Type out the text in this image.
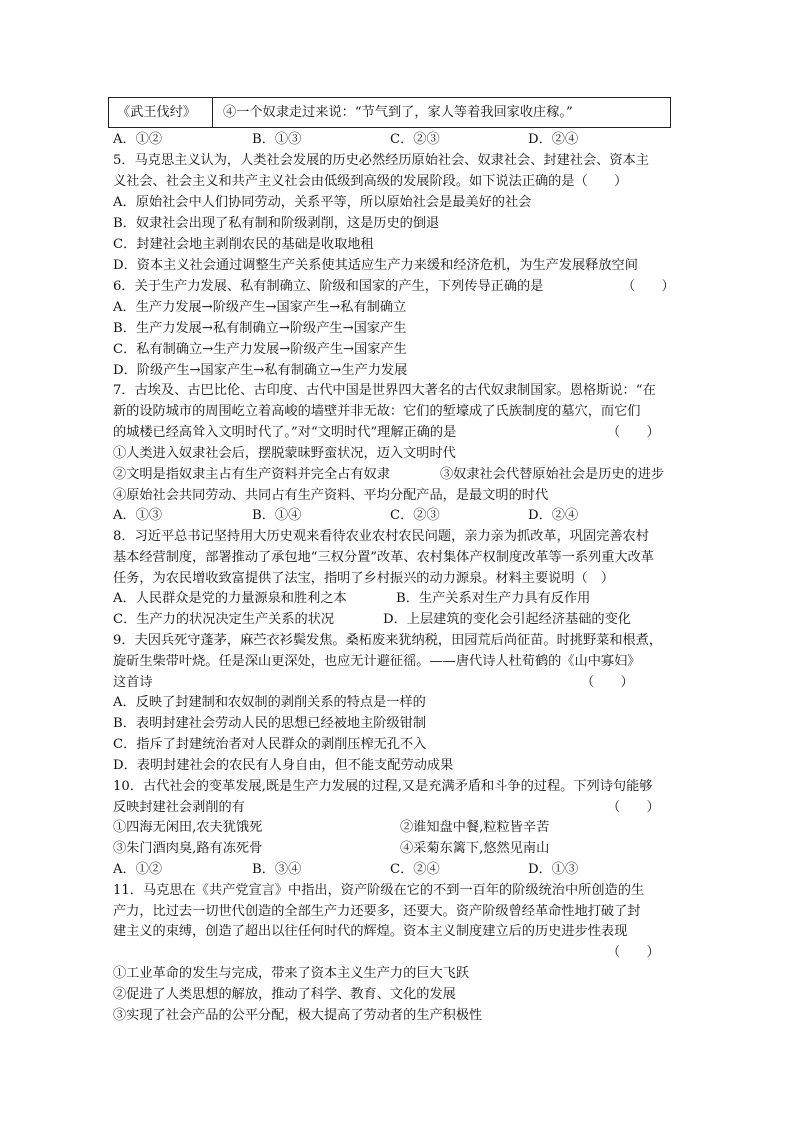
《武王伐纣》	④一个奴隶走过来说：“节气到了，家人等着我回家收庄稼。”
A．①②	B．①③	C．②③	D．②④
5．马克思主义认为，人类社会发展的历史必然经历原始社会、奴隶社会、封建社会、资本主
义社会、社会主义和共产主义社会由低级到高级的发展阶段。如下说法正确的是（　　）
A．原始社会中人们协同劳动，关系平等，所以原始社会是最美好的社会
B．奴隶社会出现了私有制和阶级剥削，这是历史的倒退
C．封建社会地主剥削农民的基础是收取地租
D．资本主义社会通过调整生产关系使其适应生产力来缓和经济危机，为生产发展释放空间
6．关于生产力发展、私有制确立、阶级和国家的产生，下列传导正确的是	（　　）
A．生产力发展→阶级产生→国家产生→私有制确立
B．生产力发展→私有制确立→阶级产生→国家产生
C．私有制确立→生产力发展→阶级产生→国家产生
D．阶级产生→国家产生→私有制确立→生产力发展
7．古埃及、古巴比伦、古印度、古代中国是世界四大著名的古代奴隶制国家。恩格斯说：“在
新的设防城市的周围屹立着高峻的墙壁并非无故：它们的堑壕成了氏族制度的墓穴，而它们
的城楼已经高耸入文明时代了。”对“文明时代”理解正确的是	（　　）
①人类进入奴隶社会后，摆脱蒙昧野蛮状况，迈入文明时代
②文明是指奴隶主占有生产资料并完全占有奴隶	③奴隶社会代替原始社会是历史的进步
④原始社会共同劳动、共同占有生产资料、平均分配产品，是最文明的时代
A．①③	B．①④	C．②③	D．②④
8．习近平总书记坚持用大历史观来看待农业农村农民问题，亲力亲为抓改革，巩固完善农村
基本经营制度，部署推动了承包地“三权分置”改革、农村集体产权制度改革等一系列重大改革
任务，为农民增收致富提供了法宝，指明了乡村振兴的动力源泉。材料主要说明（　）
A．人民群众是党的力量源泉和胜利之本	B．生产关系对生产力具有反作用
C．生产力的状况决定生产关系的状况	D．上层建筑的变化会引起经济基础的变化
9．夫因兵死守蓬茅，麻苎衣衫鬓发焦。桑柘废来犹纳税，田园荒后尚征苗。时挑野菜和根煮，
旋斫生柴带叶烧。任是深山更深处，也应无计避征徭。——唐代诗人杜荀鹤的《山中寡妇》
这首诗	（　　）
A．反映了封建制和农奴制的剥削关系的特点是一样的
B．表明封建社会劳动人民的思想已经被地主阶级钳制
C．指斥了封建统治者对人民群众的剥削压榨无孔不入
D．表明封建社会的农民有人身自由，但不能支配劳动成果
10．古代社会的变革发展,既是生产力发展的过程,又是充满矛盾和斗争的过程。下列诗句能够
反映封建社会剥削的有	（　　）
①四海无闲田,农夫犹饿死	②谁知盘中餐,粒粒皆辛苦
③朱门酒肉臭,路有冻死骨	④采菊东篱下,悠然见南山
A．①②	B．③④	C．②④	D．①③
11．马克思在《共产党宣言》中指出，资产阶级在它的不到一百年的阶级统治中所创造的生
产力，比过去一切世代创造的全部生产力还要多，还要大。资产阶级曾经革命性地打破了封
建主义的束缚，创造了超出以往任何时代的辉煌。资本主义制度建立后的历史进步性表现
（　　）
①工业革命的发生与完成，带来了资本主义生产力的巨大飞跃
②促进了人类思想的解放，推动了科学、教育、文化的发展
③实现了社会产品的公平分配，极大提高了劳动者的生产积极性
